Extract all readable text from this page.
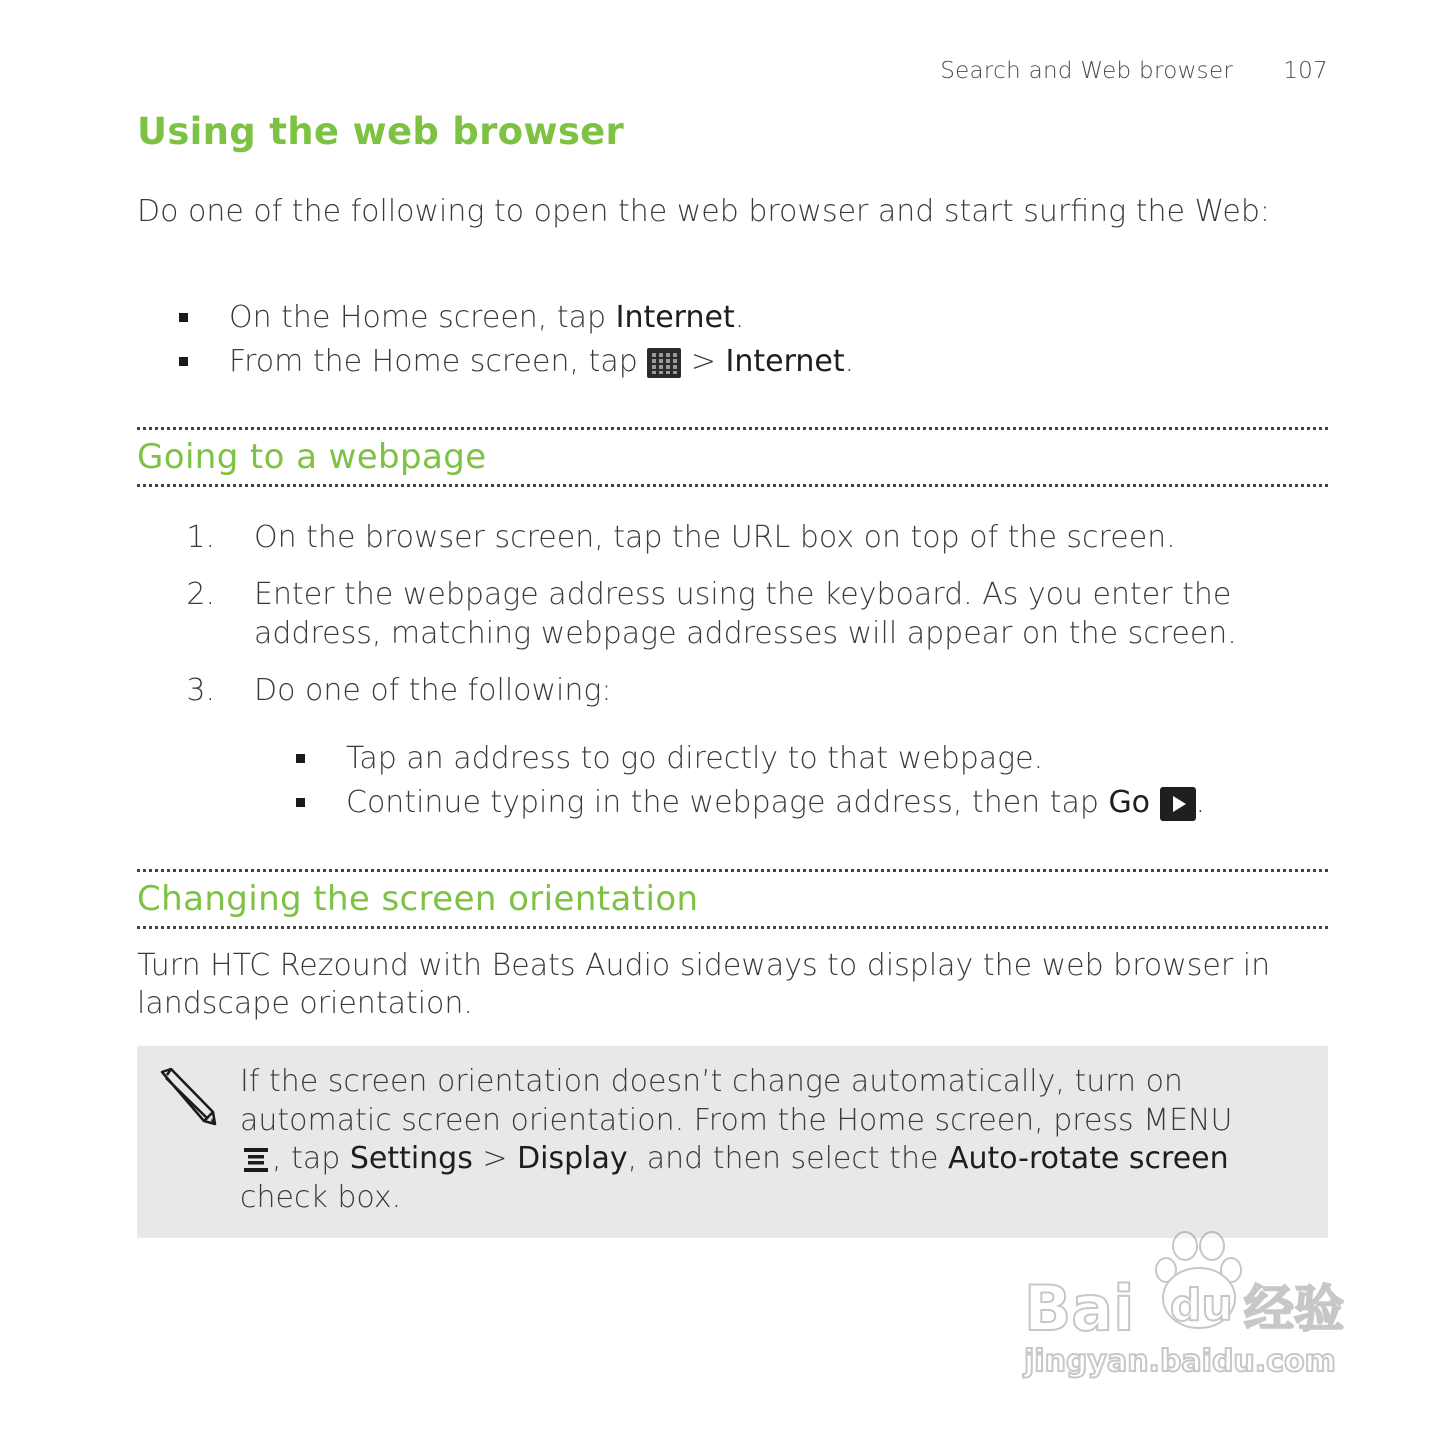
Search and Web browser 107
Using the web browser

Do one of the following to open the web browser and start surfing the Web:

On the Home screen, tap Internet.
From the Home screen, tap  > Internet.
Going to a webpage
1. On the browser screen, tap the URL box on top of the screen.
2. Enter the webpage address using the keyboard. As you enter the address, matching webpage addresses will appear on the screen.
3. Do one of the following:
Tap an address to go directly to that webpage.
Continue typing in the webpage address, then tap Go .
Changing the screen orientation

Turn HTC Rezound with Beats Audio sideways to display the web browser in landscape orientation.

If the screen orientation doesn’t change automatically, turn on automatic screen orientation. From the Home screen, press MENU
, tap Settings > Display, and then select the Auto-rotate screen check box.
Bai du 经验
jingyan.baidu.com
